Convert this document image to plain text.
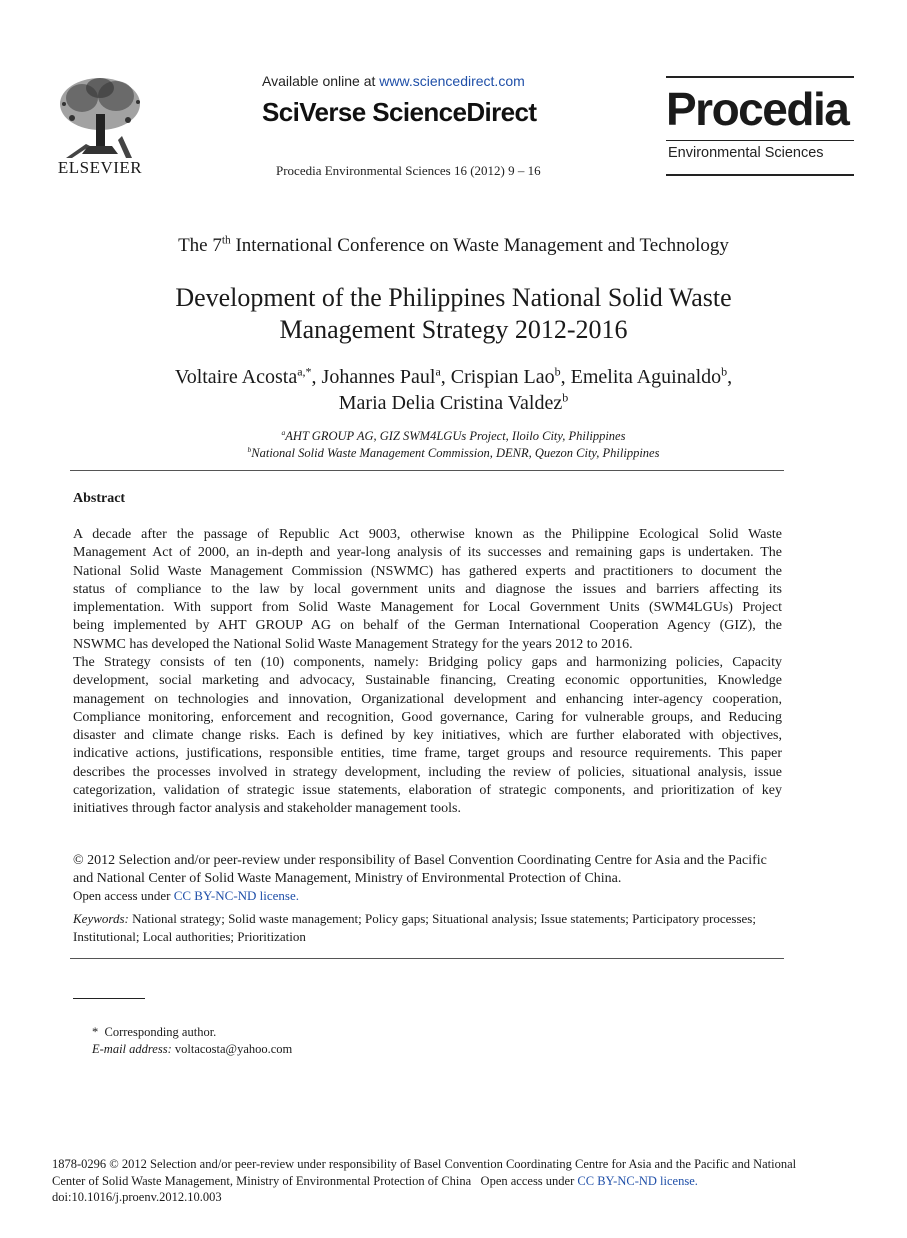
ELSEVIER
Available online at www.sciencedirect.com
SciVerse ScienceDirect
Procedia Environmental Sciences 16 (2012) 9 – 16
Procedia
Environmental Sciences
The 7th International Conference on Waste Management and Technology
Development of the Philippines National Solid Waste
Management Strategy 2012-2016
Voltaire Acosta$^{a,*}$, Johannes Paul$^a$, Crispian Lao$^b$, Emelita Aguinaldo$^b$,
Maria Delia Cristina Valdez$^b$
$^a$AHT GROUP AG, GIZ SWM4LGUs Project, Iloilo City, Philippines
$^b$National Solid Waste Management Commission, DENR, Quezon City, Philippines
Abstract
A decade after the passage of Republic Act 9003, otherwise known as the Philippine Ecological Solid Waste
Management Act of 2000, an in-depth and year-long analysis of its successes and remaining gaps is undertaken. The
National Solid Waste Management Commission (NSWMC) has gathered experts and practitioners to document the
status of compliance to the law by local government units and diagnose the issues and barriers affecting its
implementation. With support from Solid Waste Management for Local Government Units (SWM4LGUs) Project
being implemented by AHT GROUP AG on behalf of the German International Cooperation Agency (GIZ), the
NSWMC has developed the National Solid Waste Management Strategy for the years 2012 to 2016.
The Strategy consists of ten (10) components, namely: Bridging policy gaps and harmonizing policies, Capacity
development, social marketing and advocacy, Sustainable financing, Creating economic opportunities, Knowledge
management on technologies and innovation, Organizational development and enhancing inter-agency cooperation,
Compliance monitoring, enforcement and recognition, Good governance, Caring for vulnerable groups, and Reducing
disaster and climate change risks. Each is defined by key initiatives, which are further elaborated with objectives,
indicative actions, justifications, responsible entities, time frame, target groups and resource requirements. This paper
describes the processes involved in strategy development, including the review of policies, situational analysis, issue
categorization, validation of strategic issue statements, elaboration of strategic components, and prioritization of key
initiatives through factor analysis and stakeholder management tools.
© 2012 Selection and/or peer-review under responsibility of Basel Convention Coordinating Centre for Asia and the Pacific
and National Center of Solid Waste Management, Ministry of Environmental Protection of China.
Open access under CC BY-NC-ND license.
Keywords: National strategy; Solid waste management; Policy gaps; Situational analysis; Issue statements; Participatory processes;
Institutional; Local authorities; Prioritization
* Corresponding author.
E-mail address: voltacosta@yahoo.com
1878-0296 © 2012 Selection and/or peer-review under responsibility of Basel Convention Coordinating Centre for Asia and the Pacific and National
Center of Solid Waste Management, Ministry of Environmental Protection of China Open access under CC BY-NC-ND license.
doi:10.1016/j.proenv.2012.10.003
